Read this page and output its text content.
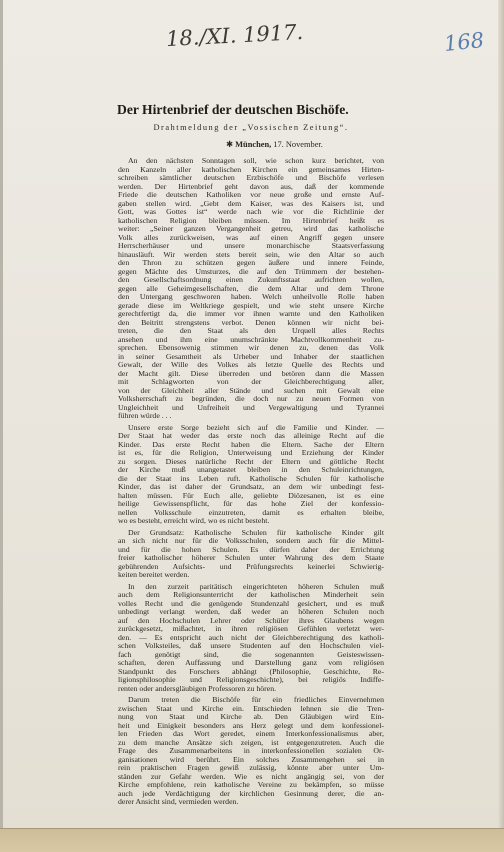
18./XI. 1917.	168
Der Hirtenbrief der deutschen Bischöfe.
Drahtmeldung der „Vossischen Zeitung“.
✱ München, 17. November.
An den nächsten Sonntagen soll, wie schon kurz berichtet, von
den Kanzeln aller katholischen Kirchen ein gemeinsames Hirten-
schreiben sämtlicher deutschen Erzbischöfe und Bischöfe verlesen
werden. Der Hirtenbrief geht davon aus, daß der kommende
Friede die deutschen Katholiken vor neue große und ernste Auf-
gaben stellen wird. „Gebt dem Kaiser, was des Kaisers ist, und
Gott, was Gottes ist“ werde nach wie vor die Richtlinie der
katholischen Religion bleiben müssen. Im Hirtenbrief heißt es
weiter: „Seiner ganzen Vergangenheit getreu, wird das katholische
Volk alles zurückweisen, was auf einen Angriff gegen unsere
Herrscherhäuser und unsere monarchische Staatsverfassung
hinausläuft. Wir werden stets bereit sein, wie den Altar so auch
den Thron zu schützen gegen äußere und innere Feinde,
gegen Mächte des Umsturzes, die auf den Trümmern der bestehen-
den Gesellschaftsordnung einen Zukunftsstaat aufrichten wollen,
gegen alle Geheimgesellschaften, die dem Altar und dem Throne
den Untergang geschworen haben. Welch unheilvolle Rolle haben
gerade diese im Weltkriege gespielt, und wie steht unsere Kirche
gerechtfertigt da, die immer vor ihnen warnte und den Katholiken
den Beitritt strengstens verbot. Denen können wir nicht bei-
treten, die den Staat als den Urquell alles Rechts
ansehen und ihm eine unumschränkte Machtvollkommenheit zu-
sprechen. Ebensowenig stimmen wir denen zu, denen das Volk
in seiner Gesamtheit als Urheber und Inhaber der staatlichen
Gewalt, der Wille des Volkes als letzte Quelle des Rechts und
der Macht gilt. Diese überreden und betören dann die Massen
mit Schlagworten von der Gleichberechtigung aller,
von der Gleichheit aller Stände und suchen mit Gewalt eine
Volksherrschaft zu begründen, die doch nur zu neuen Formen von
Ungleichheit und Unfreiheit und Vergewaltigung und Tyrannei
führen würde . . .
Unsere erste Sorge bezieht sich auf die Familie und Kinder. —
Der Staat hat weder das erste noch das alleinige Recht auf die
Kinder. Das erste Recht haben die Eltern. Sache der Eltern
ist es, für die Religion, Unterweisung und Erziehung der Kinder
zu sorgen. Dieses natürliche Recht der Eltern und göttliche Recht
der Kirche muß unangetastet bleiben in den Schuleinrichtungen,
die der Staat ins Leben ruft. Katholische Schulen für katholische
Kinder, das ist daher der Grundsatz, an dem wir unbedingt fest-
halten müssen. Für Euch alle, geliebte Diözesanen, ist es eine
heilige Gewissenspflicht, für das hohe Ziel der konfessio-
nellen Volksschule einzutreten, damit es erhalten bleibe,
wo es besteht, erreicht wird, wo es nicht besteht.
Der Grundsatz: Katholische Schulen für katholische Kinder gilt
an sich nicht nur für die Volksschulen, sondern auch für die Mittel-
und für die hohen Schulen. Es dürfen daher der Errichtung
freier katholischer höherer Schulen unter Wahrung des dem Staate
gebührenden Aufsichts- und Prüfungsrechts keinerlei Schwierig-
keiten bereitet werden.
In den zurzeit paritätisch eingerichteten höheren Schulen muß
auch dem Religionsunterricht der katholischen Minderheit sein
volles Recht und die genügende Stundenzahl gesichert, und es muß
unbedingt verlangt werden, daß weder an höheren Schulen noch
auf den Hochschulen Lehrer oder Schüler ihres Glaubens wegen
zurückgesetzt, mißachtet, in ihren religiösen Gefühlen verletzt wer-
den. — Es entspricht auch nicht der Gleichberechtigung des katholi-
schen Volksteiles, daß unsere Studenten auf den Hochschulen viel-
fach genötigt sind, die sogenannten Geisteswissen-
schaften, deren Auffassung und Darstellung ganz vom religiösen
Standpunkt des Forschers abhängt (Philosophie, Geschichte, Re-
ligionsphilosophie und Religionsgeschichte), bei religiös Indiffe-
renten oder andersgläubigen Professoren zu hören.
Darum treten die Bischöfe für ein friedliches Einvernehmen
zwischen Staat und Kirche ein. Entschieden lehnen sie die Tren-
nung von Staat und Kirche ab. Den Gläubigen wird Ein-
heit und Einigkeit besonders ans Herz gelegt und dem konfessionel-
len Frieden das Wort geredet, einem Interkonfessionalismus aber,
zu dem manche Ansätze sich zeigen, ist entgegenzutreten. Auch die
Frage des Zusammenarbeitens in interkonfessionellen sozialen Or-
ganisationen wird berührt. Ein solches Zusammengehen sei in
rein praktischen Fragen gewiß zulässig, könnte aber unter Um-
ständen zur Gefahr werden. Wie es nicht angängig sei, von der
Kirche empfohlene, rein katholische Vereine zu bekämpfen, so müsse
auch jede Verdächtigung der kirchlichen Gesinnung derer, die an-
derer Ansicht sind, vermieden werden.
